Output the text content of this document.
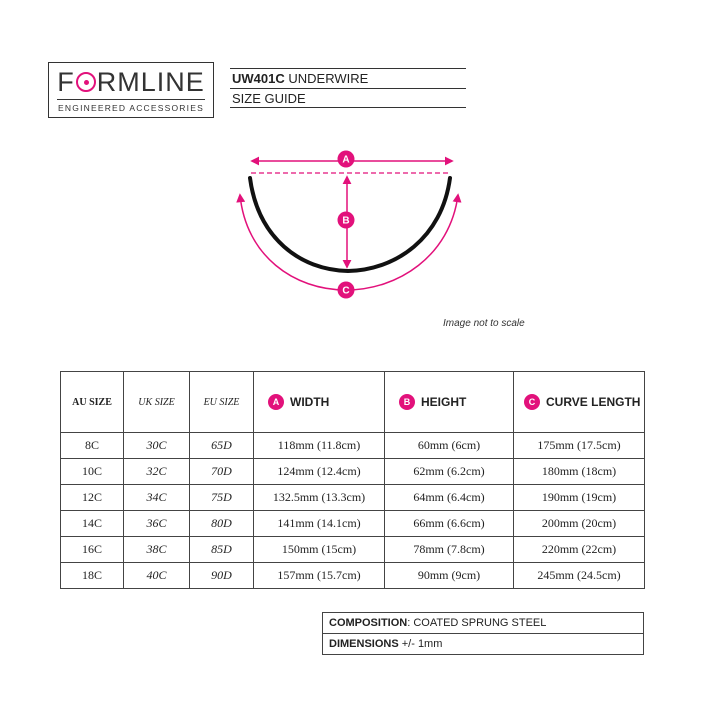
F RMLINE
ENGINEERED ACCESSORIES
UW401C UNDERWIRE
SIZE GUIDE
A
B
C
Image not to scale
AU SIZE	UK SIZE	EU SIZE	A WIDTH	B HEIGHT	C CURVE LENGTH
8C	30C	65D	118mm (11.8cm)	60mm (6cm)	175mm (17.5cm)
10C	32C	70D	124mm (12.4cm)	62mm (6.2cm)	180mm (18cm)
12C	34C	75D	132.5mm (13.3cm)	64mm (6.4cm)	190mm (19cm)
14C	36C	80D	141mm (14.1cm)	66mm (6.6cm)	200mm (20cm)
16C	38C	85D	150mm (15cm)	78mm (7.8cm)	220mm (22cm)
18C	40C	90D	157mm (15.7cm)	90mm (9cm)	245mm (24.5cm)
COMPOSITION: COATED SPRUNG STEEL
DIMENSIONS +/- 1mm
